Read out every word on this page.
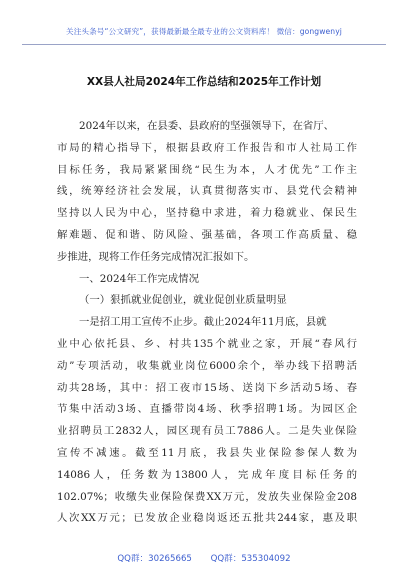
关注头条号“公文研究”，获得最新最全最专业的公文资料库！ 微信：gongwenyj
XX县人社局2024年工作总结和2025年工作计划
2024年以来，在县委、县政府的坚强领导下，在省厅、
市局的精心指导下，根据县政府工作报告和市人社局工作
目标任务，我局紧紧围绕“民生为本，人才优先”工作主
线，统筹经济社会发展，认真贯彻落实市、县党代会精神
坚持以人民为中心，坚持稳中求进，着力稳就业、保民生
解难题、促和谐、防风险、强基础，各项工作高质量、稳
步推进，现将工作任务完成情况汇报如下。
一、2024年工作完成情况
（一）狠抓就业促创业，就业促创业质量明显
一是招工用工宣传不止步。截止2024年11月底，县就
业中心依托县、乡、村共135个就业之家，开展“春风行
动”专项活动，收集就业岗位6000余个，举办线下招聘活
动共28场，其中：招工夜市15场、送岗下乡活动5场、春
节集中活动3场、直播带岗4场、秋季招聘1场。为园区企
业招聘员工2832人，园区现有员工7886人。二是失业保险
宣传不减速。截至11月底，我县失业保险参保人数为
14086人，任务数为13800人，完成年度目标任务的
102.07%；收缴失业保险保费XX万元，发放失业保险金208
人次XX万元；已发放企业稳岗返还五批共244家，惠及职
QQ群：30265665 QQ群：535304092
